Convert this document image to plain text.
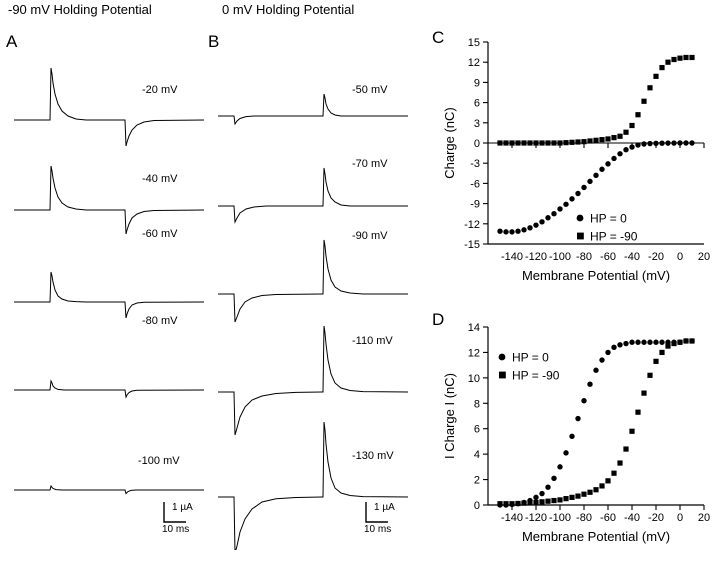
-90 mV Holding Potential	0 mV Holding Potential
A	B	C
D
-20 mV
-40 mV
-60 mV
-80 mV
-100 mV
1 µA
10 ms
-50 mV
-70 mV
-90 mV
-110 mV
-130 mV
1 µA
10 ms
-15
-12
-9
-6
-3
0
3
6
9
12
15
-140 -120 -100 -80 -60 -40 -20 0 20
Membrane Potential (mV)
Charge (nC)
HP = 0
HP = -90
0
2
4
6
8
10
12
14
-140 -120 -100 -80 -60 -40 -20 0 20
Membrane Potential (mV)
I Charge I (nC)
HP = 0
HP = -90
